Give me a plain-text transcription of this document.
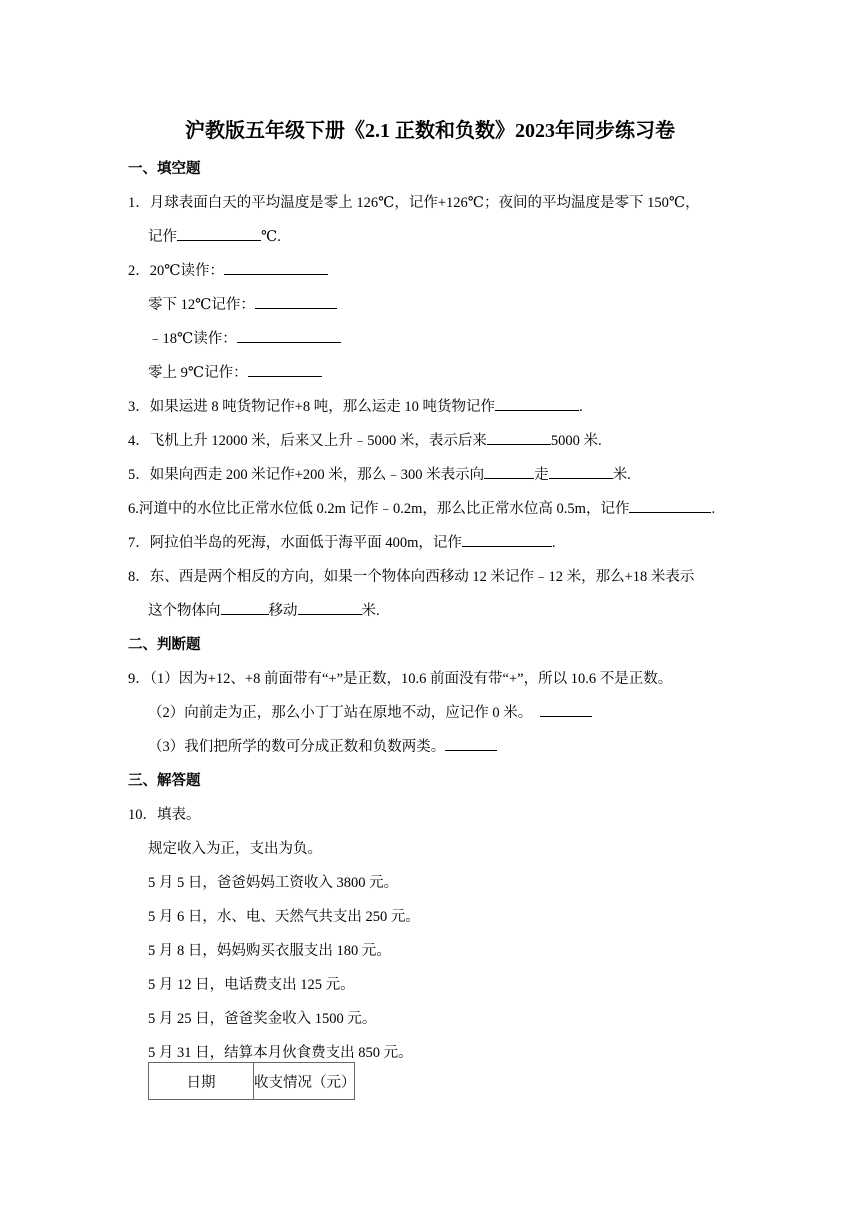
沪教版五年级下册《2.1 正数和负数》2023年同步练习卷
一、填空题
1．月球表面白天的平均温度是零上 126℃，记作+126℃；夜间的平均温度是零下 150℃，
记作	℃.
2．20℃读作：
零下 12℃记作：
﹣18℃读作：
零上 9℃记作：
3．如果运进 8 吨货物记作+8 吨，那么运走 10 吨货物记作	.
4．飞机上升 12000 米，后来又上升﹣5000 米，表示后来	5000 米.
5．如果向西走 200 米记作+200 米，那么﹣300 米表示向	走	米.
6.河道中的水位比正常水位低 0.2m 记作﹣0.2m，那么比正常水位高 0.5m，记作	.
7．阿拉伯半岛的死海，水面低于海平面 400m，记作	.
8．东、西是两个相反的方向，如果一个物体向西移动 12 米记作﹣12 米，那么+18 米表示
这个物体向	移动	米.
二、判断题
9．（1）因为+12、+8 前面带有“+”是正数，10.6 前面没有带“+”，所以 10.6 不是正数。
（2）向前走为正，那么小丁丁站在原地不动，应记作 0 米。
（3）我们把所学的数可分成正数和负数两类。
三、解答题
10．填表。
规定收入为正，支出为负。
5 月 5 日，爸爸妈妈工资收入 3800 元。
5 月 6 日，水、电、天然气共支出 250 元。
5 月 8 日，妈妈购买衣服支出 180 元。
5 月 12 日，电话费支出 125 元。
5 月 25 日，爸爸奖金收入 1500 元。
5 月 31 日，结算本月伙食费支出 850 元。
日期	收支情况（元）
